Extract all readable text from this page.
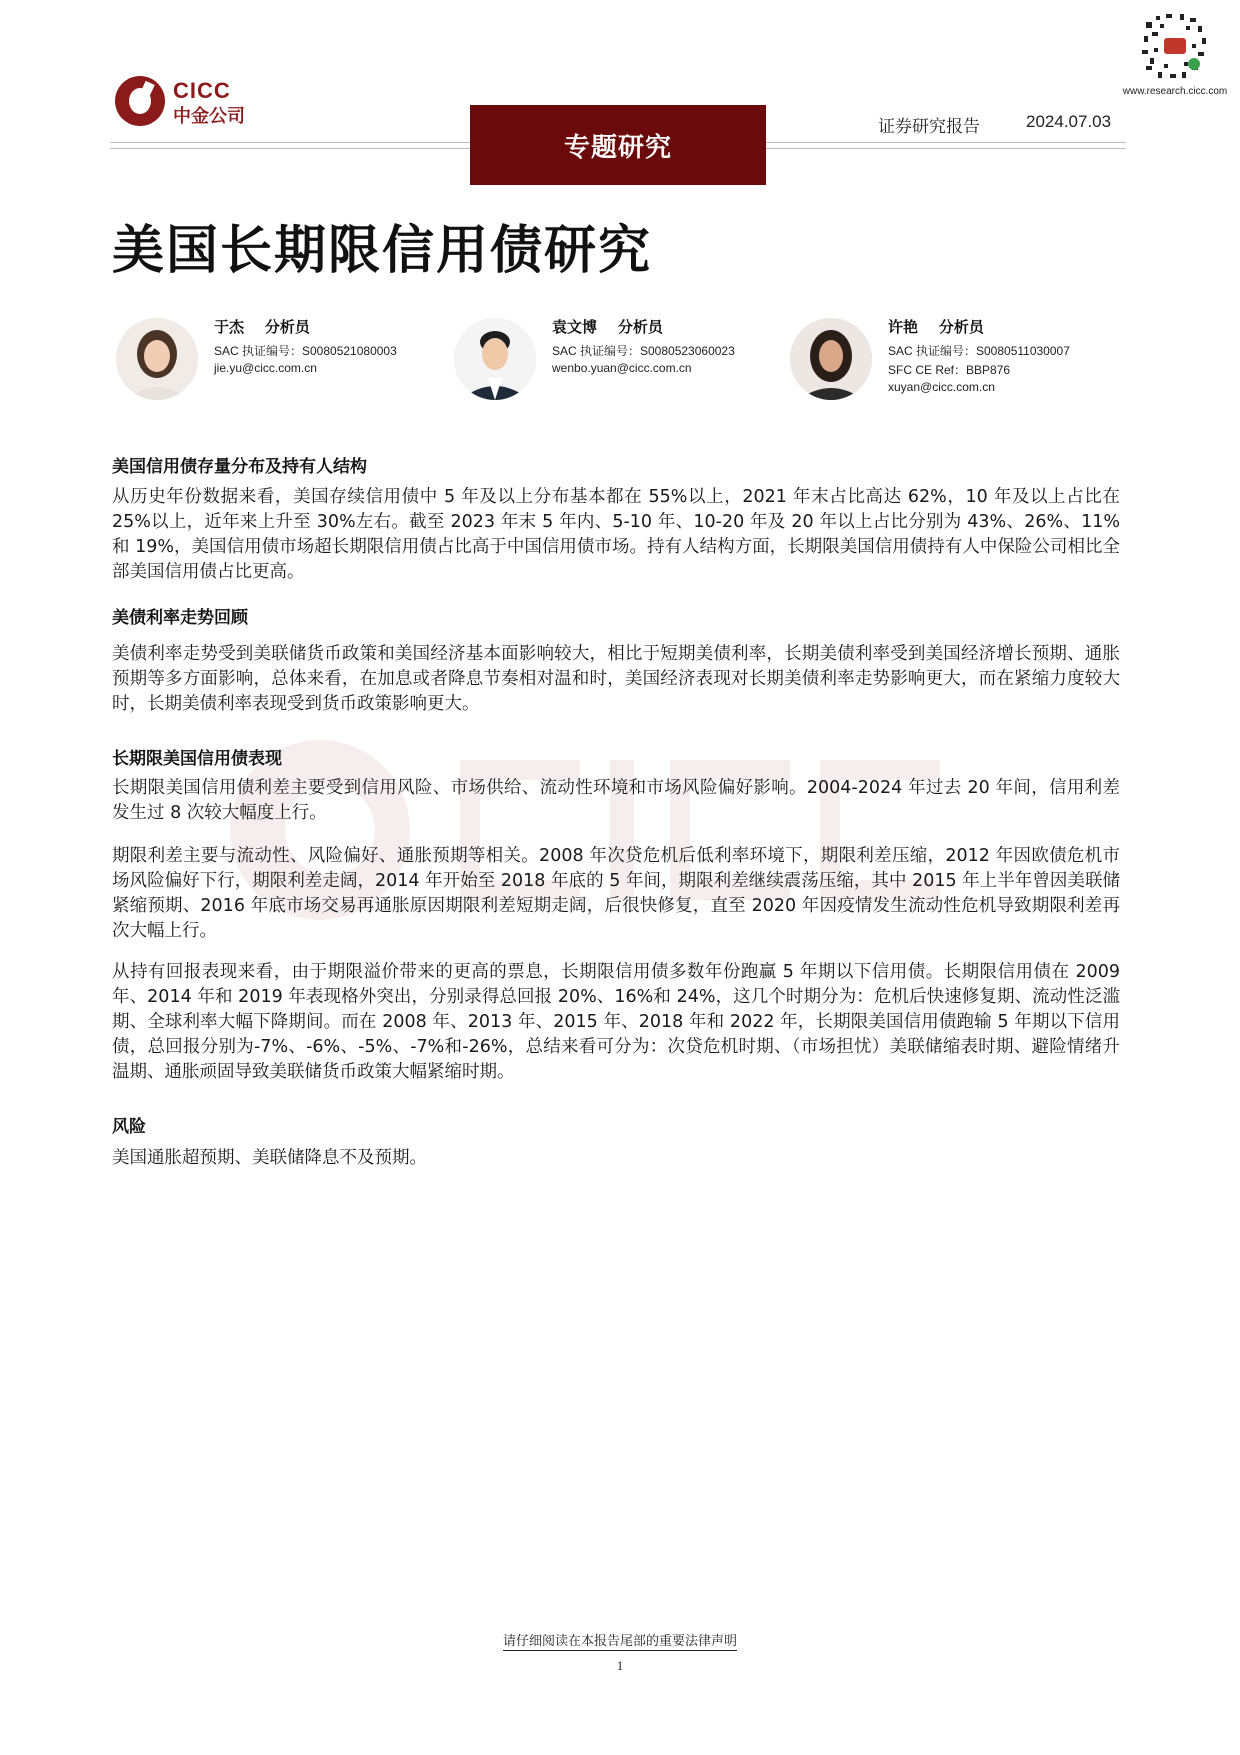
CICC
中金公司
www.research.cicc.com
证券研究报告	2024.07.03
专题研究
美国长期限信用债研究
于杰 分析员
SAC 执证编号：S0080521080003
jie.yu@cicc.com.cn
袁文博 分析员
SAC 执证编号：S0080523060023
wenbo.yuan@cicc.com.cn
许艳 分析员
SAC 执证编号：S0080511030007
SFC CE Ref：BBP876
xuyan@cicc.com.cn
美国信用债存量分布及持有人结构
从历史年份数据来看，美国存续信用债中 5 年及以上分布基本都在 55%以上，2021 年末占比高达 62%，10 年及以上占比在 25%以上，近年来上升至 30%左右。截至 2023 年末 5 年内、5-10 年、10-20 年及 20 年以上占比分别为 43%、26%、11%和 19%，美国信用债市场超长期限信用债占比高于中国信用债市场。持有人结构方面，长期限美国信用债持有人中保险公司相比全部美国信用债占比更高。
美债利率走势回顾
美债利率走势受到美联储货币政策和美国经济基本面影响较大，相比于短期美债利率，长期美债利率受到美国经济增长预期、通胀预期等多方面影响，总体来看，在加息或者降息节奏相对温和时，美国经济表现对长期美债利率走势影响更大，而在紧缩力度较大时，长期美债利率表现受到货币政策影响更大。
长期限美国信用债表现
长期限美国信用债利差主要受到信用风险、市场供给、流动性环境和市场风险偏好影响。2004-2024 年过去 20 年间，信用利差发生过 8 次较大幅度上行。
期限利差主要与流动性、风险偏好、通胀预期等相关。2008 年次贷危机后低利率环境下，期限利差压缩，2012 年因欧债危机市场风险偏好下行，期限利差走阔，2014 年开始至 2018 年底的 5 年间，期限利差继续震荡压缩，其中 2015 年上半年曾因美联储紧缩预期、2016 年底市场交易再通胀原因期限利差短期走阔，后很快修复，直至 2020 年因疫情发生流动性危机导致期限利差再次大幅上行。
从持有回报表现来看，由于期限溢价带来的更高的票息，长期限信用债多数年份跑赢 5 年期以下信用债。长期限信用债在 2009 年、2014 年和 2019 年表现格外突出，分别录得总回报 20%、16%和 24%，这几个时期分为：危机后快速修复期、流动性泛滥期、全球利率大幅下降期间。而在 2008 年、2013 年、2015 年、2018 年和 2022 年，长期限美国信用债跑输 5 年期以下信用债，总回报分别为-7%、-6%、-5%、-7%和-26%，总结来看可分为：次贷危机时期、（市场担忧）美联储缩表时期、避险情绪升温期、通胀顽固导致美联储货币政策大幅紧缩时期。
风险
美国通胀超预期、美联储降息不及预期。
请仔细阅读在本报告尾部的重要法律声明
1
